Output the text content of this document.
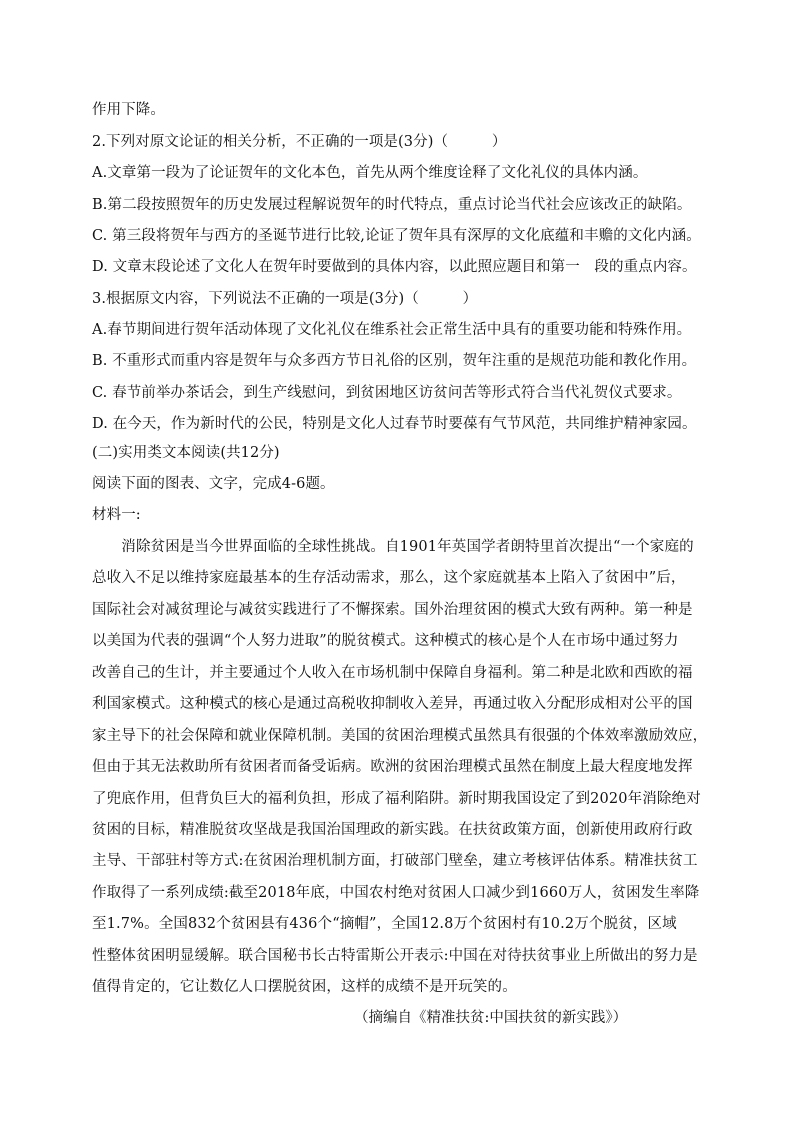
作用下降。
2.下列对原文论证的相关分析，不正确的一项是(3分)（　　　）
A.文章第一段为了论证贺年的文化本色，首先从两个维度诠释了文化礼仪的具体内涵。
B.第二段按照贺年的历史发展过程解说贺年的时代特点，重点讨论当代社会应该改正的缺陷。
C. 第三段将贺年与西方的圣诞节进行比较,论证了贺年具有深厚的文化底蕴和丰赡的文化内涵。
D. 文章末段论述了文化人在贺年时要做到的具体内容，以此照应题目和第一　段的重点内容。
3.根据原文内容，下列说法不正确的一项是(3分)（　　　）
A.春节期间进行贺年活动体现了文化礼仪在维系社会正常生活中具有的重要功能和特殊作用。
B. 不重形式而重内容是贺年与众多西方节日礼俗的区别，贺年注重的是规范功能和教化作用。
C. 春节前举办茶话会，到生产线慰问，到贫困地区访贫问苦等形式符合当代礼贺仪式要求。
D. 在今天，作为新时代的公民，特别是文化人过春节时要葆有气节风范，共同维护精神家园。
(二)实用类文本阅读(共12分)
阅读下面的图表、文字，完成4-6题。
材料一:
　　消除贫困是当今世界面临的全球性挑战。自1901年英国学者朗特里首次提出“一个家庭的
总收入不足以维持家庭最基本的生存活动需求，那么，这个家庭就基本上陷入了贫困中”后，
国际社会对减贫理论与减贫实践进行了不懈探索。国外治理贫困的模式大致有两种。第一种是
以美国为代表的强调“个人努力进取”的脱贫模式。这种模式的核心是个人在市场中通过努力
改善自己的生计，并主要通过个人收入在市场机制中保障自身福利。第二种是北欧和西欧的福
利国家模式。这种模式的核心是通过高税收抑制收入差异，再通过收入分配形成相对公平的国
家主导下的社会保障和就业保障机制。美国的贫困治理模式虽然具有很强的个体效率激励效应，
但由于其无法救助所有贫困者而备受诟病。欧洲的贫困治理模式虽然在制度上最大程度地发挥
了兜底作用，但背负巨大的福利负担，形成了福利陷阱。新时期我国设定了到2020年消除绝对
贫困的目标，精准脱贫攻坚战是我国治国理政的新实践。在扶贫政策方面，创新使用政府行政
主导、干部驻村等方式:在贫困治理机制方面，打破部门壁垒，建立考核评估体系。精准扶贫工
作取得了一系列成绩:截至2018年底，中国农村绝对贫困人口减少到1660万人，贫困发生率降
至1.7%。全国832个贫困县有436个“摘帽”，全国12.8万个贫困村有10.2万个脱贫，区域
性整体贫困明显缓解。联合国秘书长古特雷斯公开表示:中国在对待扶贫事业上所做出的努力是
值得肯定的，它让数亿人口摆脱贫困，这样的成绩不是开玩笑的。
（摘编自《精准扶贫:中国扶贫的新实践》）
